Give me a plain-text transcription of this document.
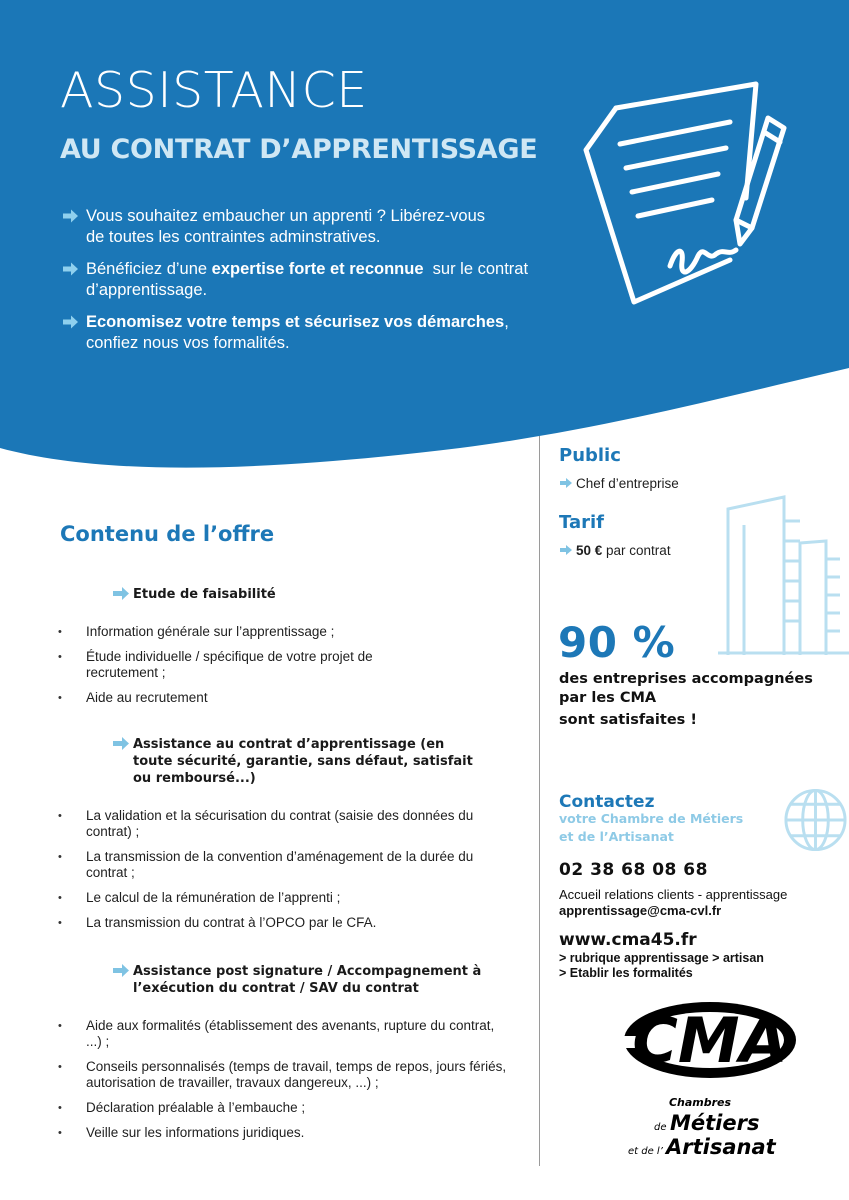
ASSISTANCE
AU CONTRAT D’APPRENTISSAGE
Vous souhaitez embaucher un apprenti ? Libérez-vous
de toutes les contraintes adminstratives.
Bénéficiez d’une expertise forte et reconnue  sur le contrat
d’apprentissage.
Economisez votre temps et sécurisez vos démarches,
confiez nous vos formalités.
Contenu de l’offre
Etude de faisabilité
• Information générale sur l’apprentissage ;
• Étude individuelle / spécifique de votre projet de recrutement ;
• Aide au recrutement
Assistance au contrat d’apprentissage (en toute sécurité, garantie, sans défaut, satisfait ou remboursé...)
• La validation et la sécurisation du contrat (saisie des données du contrat) ;
• La transmission de la convention d’aménagement de la durée du contrat ;
• Le calcul de la rémunération de l’apprenti ;
• La transmission du contrat à l’OPCO par le CFA.
Assistance post signature / Accompagnement à l’exécution du contrat / SAV du contrat
• Aide aux formalités (établissement des avenants, rupture du contrat, ...) ;
• Conseils personnalisés (temps de travail, temps de repos, jours fériés, autorisation de travailler, travaux dangereux, ...) ;
• Déclaration préalable à l’embauche ;
• Veille sur les informations juridiques.
Public
Chef d’entreprise
Tarif
50 € par contrat
90 %
des entreprises accompagnées
par les CMA
sont satisfaites !
Contactez
votre Chambre de Métiers
et de l’Artisanat
02 38 68 08 68
Accueil relations clients - apprentissage
apprentissage@cma-cvl.fr
www.cma45.fr
> rubrique apprentissage > artisan
> Etablir les formalités
CMA
Chambres
de Métiers
et de l’ Artisanat
